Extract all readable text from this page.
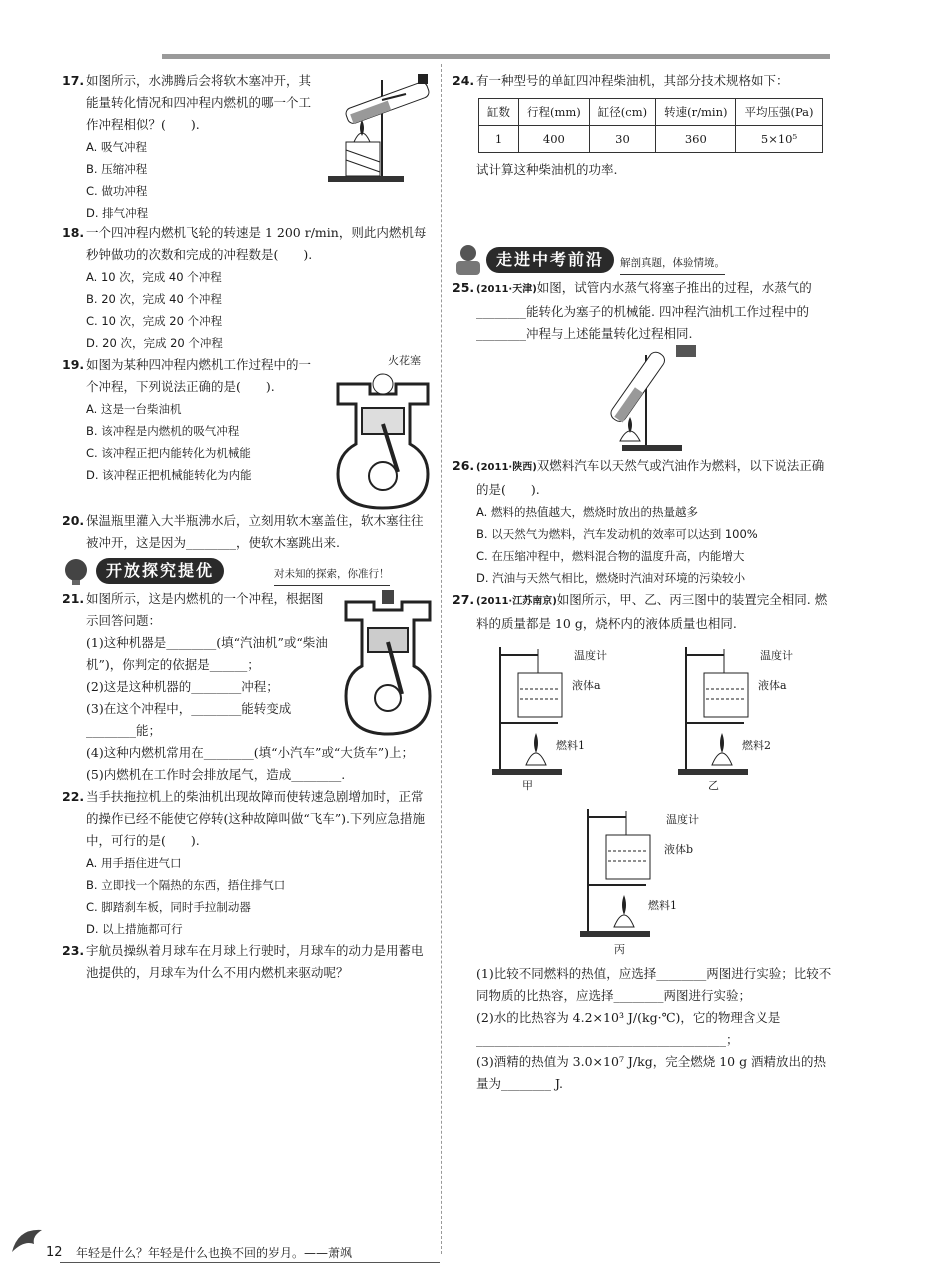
17. 如图所示，水沸腾后会将软木塞冲开，其能量转化情况和四冲程内燃机的哪一个工作冲程相似？(　　).
A. 吸气冲程
B. 压缩冲程
C. 做功冲程
D. 排气冲程
18. 一个四冲程内燃机飞轮的转速是 1 200 r/min，则此内燃机每秒钟做功的次数和完成的冲程数是(　　).
A. 10 次，完成 40 个冲程
B. 20 次，完成 40 个冲程
C. 10 次，完成 20 个冲程
D. 20 次，完成 20 个冲程
19. 如图为某种四冲程内燃机工作过程中的一个冲程，下列说法正确的是(　　).
A. 这是一台柴油机
B. 该冲程是内燃机的吸气冲程
C. 该冲程正把内能转化为机械能
D. 该冲程正把机械能转化为内能
火花塞
20. 保温瓶里灌入大半瓶沸水后，立刻用软木塞盖住，软木塞往往被冲开，这是因为________，使软木塞跳出来.
开放探究提优	对未知的探索，你准行！
21. 如图所示，这是内燃机的一个冲程，根据图示回答问题：
(1)这种机器是________(填“汽油机”或“柴油机”)，你判定的依据是______；
(2)这是这种机器的________冲程；
(3)在这个冲程中，________能转变成________能；
(4)这种内燃机常用在________(填“小汽车”或“大货车”)上；
(5)内燃机在工作时会排放尾气，造成________.
22. 当手扶拖拉机上的柴油机出现故障而使转速急剧增加时，正常的操作已经不能使它停转(这种故障叫做“飞车”).下列应急措施中，可行的是(　　).
A. 用手捂住进气口
B. 立即找一个隔热的东西，捂住排气口
C. 脚踏刹车板，同时手拉制动器
D. 以上措施都可行
23. 宇航员操纵着月球车在月球上行驶时，月球车的动力是用蓄电池提供的，月球车为什么不用内燃机来驱动呢？
24. 有一种型号的单缸四冲程柴油机，其部分技术规格如下：
缸数	行程(mm)	缸径(cm)	转速(r/min)	平均压强(Pa)
1	400	30	360	5×10⁵
试计算这种柴油机的功率.
走进中考前沿	解剖真题，体验情境。
25. (2011·天津)如图，试管内水蒸气将塞子推出的过程，水蒸气的________能转化为塞子的机械能. 四冲程汽油机工作过程中的________冲程与上述能量转化过程相同.
26. (2011·陕西)双燃料汽车以天然气或汽油作为燃料，以下说法正确的是(　　).
A. 燃料的热值越大，燃烧时放出的热量越多
B. 以天然气为燃料，汽车发动机的效率可以达到 100%
C. 在压缩冲程中，燃料混合物的温度升高，内能增大
D. 汽油与天然气相比，燃烧时汽油对环境的污染较小
27. (2011·江苏南京)如图所示，甲、乙、丙三图中的装置完全相同. 燃料的质量都是 10 g，烧杯内的液体质量也相同.
温度计
液体a
燃料1
甲
温度计
液体a
燃料2
乙
温度计
液体b
燃料1
丙
(1)比较不同燃料的热值，应选择________两图进行实验；比较不同物质的比热容，应选择________两图进行实验；
(2)水的比热容为 4.2×10³ J/(kg·℃)，它的物理含义是________________________________________；
(3)酒精的热值为 3.0×10⁷ J/kg，完全燃烧 10 g 酒精放出的热量为________ J.
12 年轻是什么？年轻是什么也换不回的岁月。——萧飒
